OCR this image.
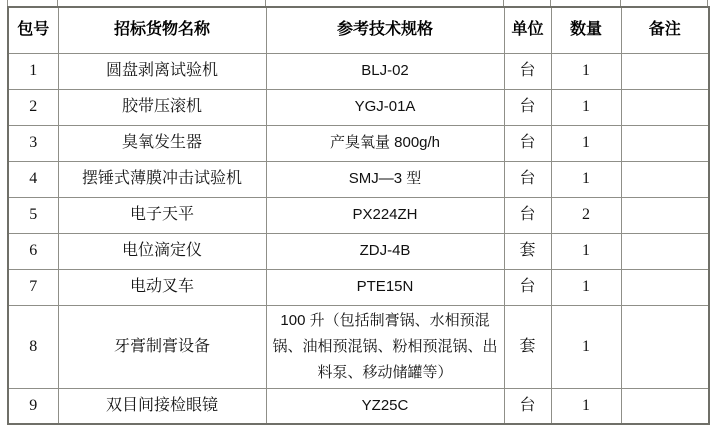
包号	招标货物名称	参考技术规格	单位	数量	备注
1	圆盘剥离试验机	BLJ-02	台	1	
2	胶带压滚机	YGJ-01A	台	1	
3	臭氧发生器	产臭氧量 800g/h	台	1	
4	摆锤式薄膜冲击试验机	SMJ—3 型	台	1	
5	电子天平	PX224ZH	台	2	
6	电位滴定仪	ZDJ-4B	套	1	
7	电动叉车	PTE15N	台	1	
8	牙膏制膏设备	100 升（包括制膏锅、水相预混锅、油相预混锅、粉相预混锅、出料泵、移动储罐等）	套	1	
9	双目间接检眼镜	YZ25C	台	1	
